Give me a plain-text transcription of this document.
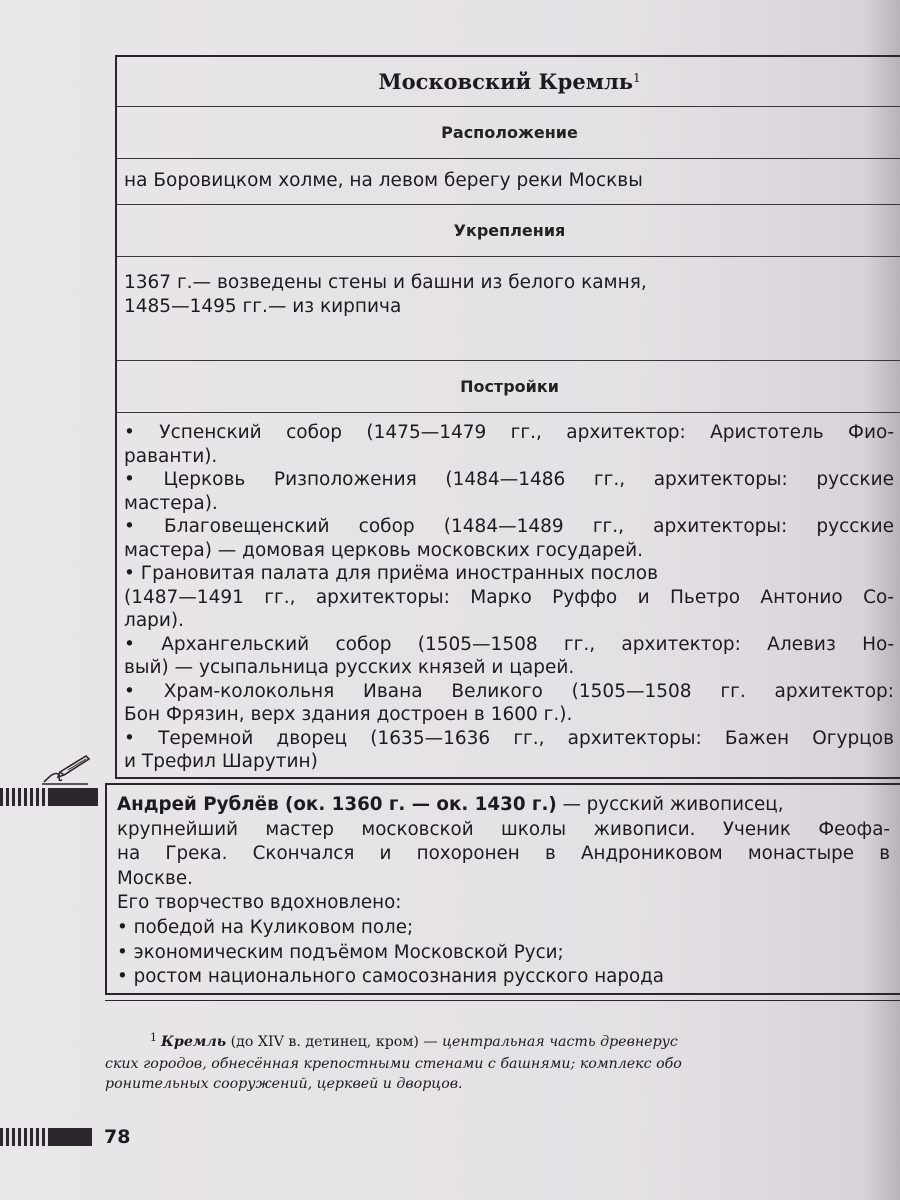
Московский Кремль$^1$
Расположение
на Боровицком холме, на левом берегу реки Москвы
Укрепления
1367 г.— возведены стены и башни из белого камня,
1485—1495 гг.— из кирпича
Постройки
• Успенский собор (1475—1479 гг., архитектор: Аристотель Фио-
раванти).
• Церковь Ризположения (1484—1486 гг., архитекторы: русские
мастера).
• Благовещенский собор (1484—1489 гг., архитекторы: русские
мастера) — домовая церковь московских государей.
• Грановитая палата для приёма иностранных послов
(1487—1491 гг., архитекторы: Марко Руффо и Пьетро Антонио Со-
лари).
• Архангельский собор (1505—1508 гг., архитектор: Алевиз Но-
вый) — усыпальница русских князей и царей.
• Храм-колокольня Ивана Великого (1505—1508 гг. архитектор:
Бон Фрязин, верх здания достроен в 1600 г.).
• Теремной дворец (1635—1636 гг., архитекторы: Бажен Огурцов
и Трефил Шарутин)
Андрей Рублёв (ок. 1360 г. — ок. 1430 г.) — русский живописец,
крупнейший мастер московской школы живописи. Ученик Феофа-
на Грека. Скончался и похоронен в Андрониковом монастыре в
Москве.
Его творчество вдохновлено:
• победой на Куликовом поле;
• экономическим подъёмом Московской Руси;
• ростом национального самосознания русского народа
$^1$ Кремль (до XIV в. детинец, кром) — центральная часть древнерус
ских городов, обнесённая крепостными стенами с башнями; комплекс обо
ронительных сооружений, церквей и дворцов.
78
